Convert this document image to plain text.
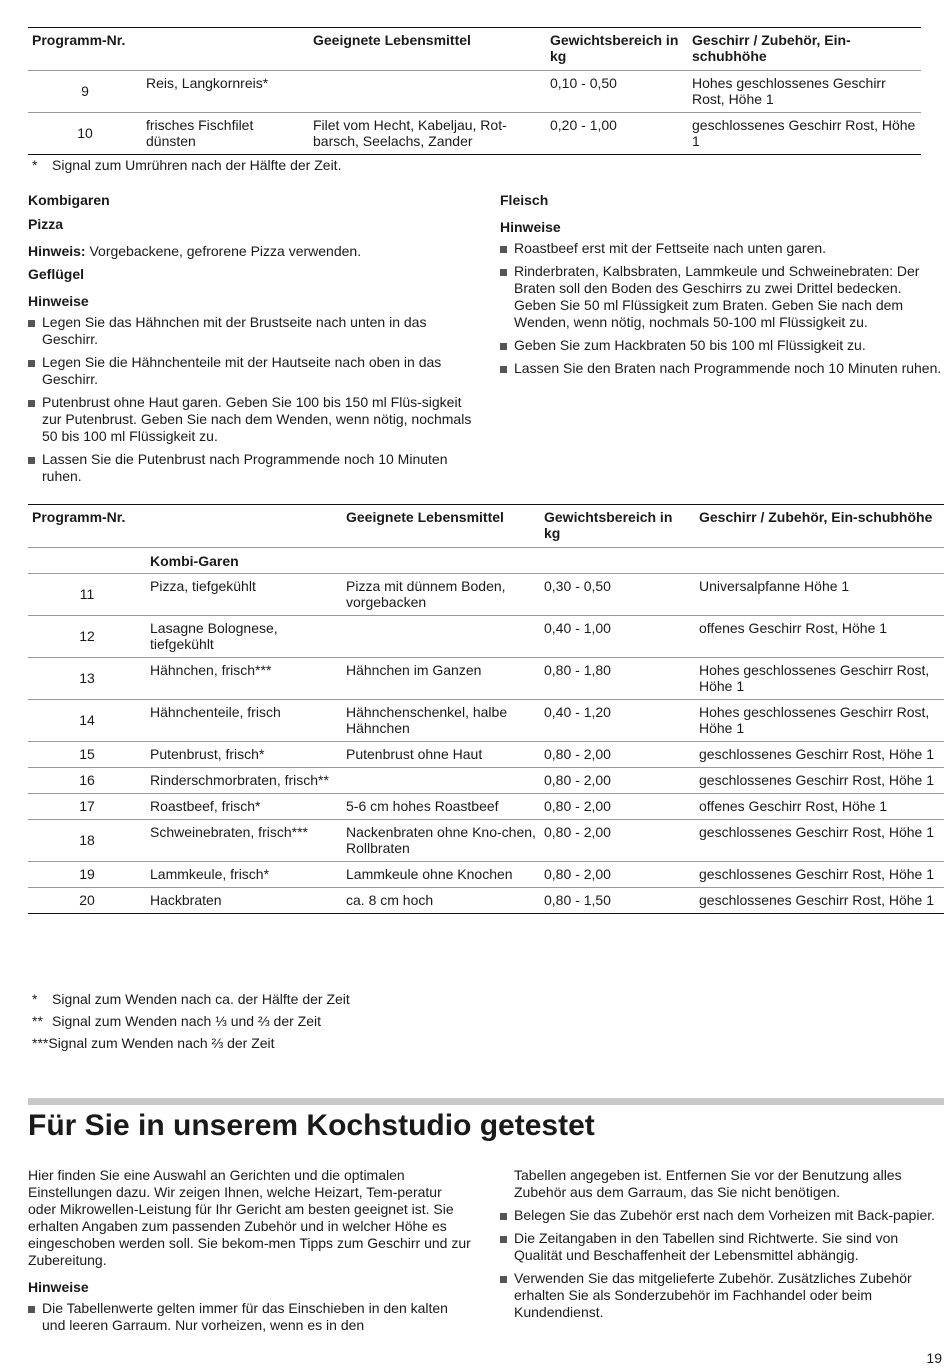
Programm-Nr.		Geeignete Lebensmittel	Gewichtsbereich in kg	Geschirr / Zubehör, Ein-schubhöhe
9	Reis, Langkornreis*		0,10 - 0,50	Hohes geschlossenes Geschirr Rost, Höhe 1
10	frisches Fischfilet dünsten	Filet vom Hecht, Kabeljau, Rot-barsch, Seelachs, Zander	0,20 - 1,00	geschlossenes Geschirr Rost, Höhe 1
* Signal zum Umrühren nach der Hälfte der Zeit.
Kombigaren
Pizza

Hinweis: Vorgebackene, gefrorene Pizza verwenden.

Geflügel
Hinweise
Legen Sie das Hähnchen mit der Brustseite nach unten in das Geschirr.
Legen Sie die Hähnchenteile mit der Hautseite nach oben in das Geschirr.
Putenbrust ohne Haut garen. Geben Sie 100 bis 150 ml Flüs-sigkeit zur Putenbrust. Geben Sie nach dem Wenden, wenn nötig, nochmals 50 bis 100 ml Flüssigkeit zu.
Lassen Sie die Putenbrust nach Programmende noch 10 Minuten ruhen.
Fleisch
Hinweise
Roastbeef erst mit der Fettseite nach unten garen.
Rinderbraten, Kalbsbraten, Lammkeule und Schweinebraten: Der Braten soll den Boden des Geschirrs zu zwei Drittel bedecken. Geben Sie 50 ml Flüssigkeit zum Braten. Geben Sie nach dem Wenden, wenn nötig, nochmals 50-100 ml Flüssigkeit zu.
Geben Sie zum Hackbraten 50 bis 100 ml Flüssigkeit zu.
Lassen Sie den Braten nach Programmende noch 10 Minuten ruhen.
Programm-Nr.		Geeignete Lebensmittel	Gewichtsbereich in kg	Geschirr / Zubehör, Ein-schubhöhe
	Kombi-Garen			
11	Pizza, tiefgekühlt	Pizza mit dünnem Boden, vorgebacken	0,30 - 0,50	Universalpfanne Höhe 1
12	Lasagne Bolognese, tiefgekühlt		0,40 - 1,00	offenes Geschirr Rost, Höhe 1
13	Hähnchen, frisch***	Hähnchen im Ganzen	0,80 - 1,80	Hohes geschlossenes Geschirr Rost, Höhe 1
14	Hähnchenteile, frisch	Hähnchenschenkel, halbe Hähnchen	0,40 - 1,20	Hohes geschlossenes Geschirr Rost, Höhe 1
15	Putenbrust, frisch*	Putenbrust ohne Haut	0,80 - 2,00	geschlossenes Geschirr Rost, Höhe 1
16	Rinderschmorbraten, frisch**		0,80 - 2,00	geschlossenes Geschirr Rost, Höhe 1
17	Roastbeef, frisch*	5-6 cm hohes Roastbeef	0,80 - 2,00	offenes Geschirr Rost, Höhe 1
18	Schweinebraten, frisch***	Nackenbraten ohne Kno-chen, Rollbraten	0,80 - 2,00	geschlossenes Geschirr Rost, Höhe 1
19	Lammkeule, frisch*	Lammkeule ohne Knochen	0,80 - 2,00	geschlossenes Geschirr Rost, Höhe 1
20	Hackbraten	ca. 8 cm hoch	0,80 - 1,50	geschlossenes Geschirr Rost, Höhe 1
* Signal zum Wenden nach ca. der Hälfte der Zeit
** Signal zum Wenden nach ⅓ und ⅔ der Zeit
***Signal zum Wenden nach ⅔ der Zeit
Für Sie in unserem Kochstudio getestet

Hier finden Sie eine Auswahl an Gerichten und die optimalen Einstellungen dazu. Wir zeigen Ihnen, welche Heizart, Tem-peratur oder Mikrowellen-Leistung für Ihr Gericht am besten geeignet ist. Sie erhalten Angaben zum passenden Zubehör und in welcher Höhe es eingeschoben werden soll. Sie bekom-men Tipps zum Geschirr und zur Zubereitung.

Hinweise
Die Tabellenwerte gelten immer für das Einschieben in den kalten und leeren Garraum. Nur vorheizen, wenn es in den

Tabellen angegeben ist. Entfernen Sie vor der Benutzung alles Zubehör aus dem Garraum, das Sie nicht benötigen.

Belegen Sie das Zubehör erst nach dem Vorheizen mit Back-papier.
Die Zeitangaben in den Tabellen sind Richtwerte. Sie sind von Qualität und Beschaffenheit der Lebensmittel abhängig.
Verwenden Sie das mitgelieferte Zubehör. Zusätzliches Zubehör erhalten Sie als Sonderzubehör im Fachhandel oder beim Kundendienst.
19
